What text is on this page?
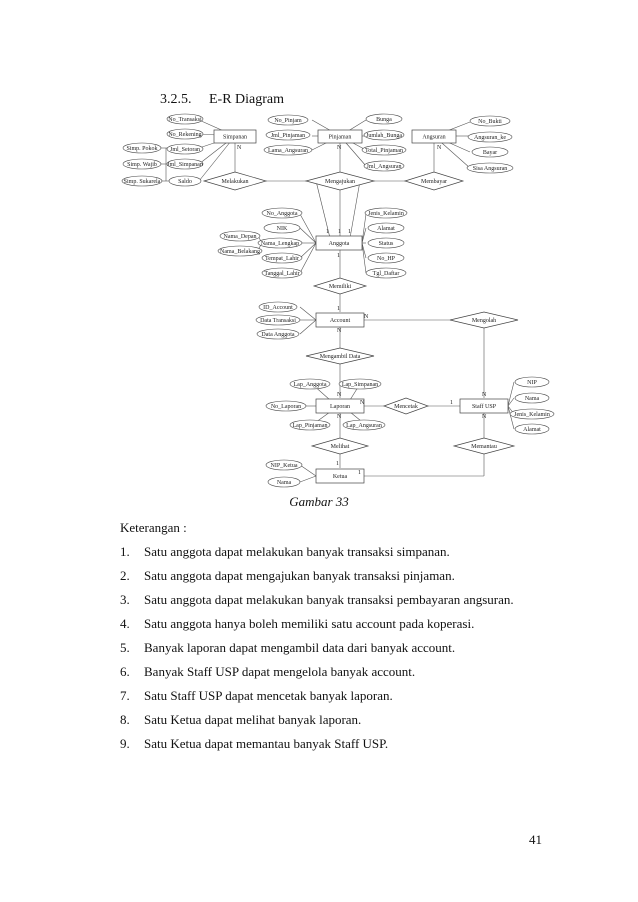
3.2.5. E-R Diagram
Simpanan	Pinjaman	Angsuran
Anggota
Account
Laporan	Staff USP
Ketua
Melakukan	Mengajukan	Membayar
Memiliki
Mengolah
Mengambil Data
Mencetak
Melihat	Memantau
No_Transaksi
No_Rekening
Jml_Setoran
Jml_Simpanan
Saldo
Simp. Pokok
Simp. Wajib
Simp. Sukarela
No_Pinjam
Jml_Pinjaman
Lama_Angsuran
Bunga
Jumlah_Bunga
Total_Pinjaman
Jml_Angsuran
No_Bukti
Angsuran_ke
Bayar
Sisa Angsuran
No_Anggota
NIK
Nama_Lengkap
Tempat_Lahir
Tanggal_Lahir
Jenis_Kelamin
Alamat
Status
No_HP
Tgl_Daftar
Nama_Depan
Nama_Belakang
ID_Account
Data Transaksi
Data Anggota
Lap_Anggota	Lap_Simpanan
No_Laporan
Lap_Pinjaman	Lap_Angsuran
NIP
Nama
Jenis_Kelamin
Alamat
NIP_Ketua
Nama
N	N	N
1 1 1
1
1
N
N
N
N
N
N
1
N
1
1
Gambar 33
Keterangan :
1. Satu anggota dapat melakukan banyak transaksi simpanan.
2. Satu anggota dapat mengajukan banyak transaksi pinjaman.
3. Satu anggota dapat melakukan banyak transaksi pembayaran angsuran.
4. Satu anggota hanya boleh memiliki satu account pada koperasi.
5. Banyak laporan dapat mengambil data dari banyak account.
6. Banyak Staff USP dapat mengelola banyak account.
7. Satu Staff USP dapat mencetak banyak laporan.
8. Satu Ketua dapat melihat banyak laporan.
9. Satu Ketua dapat memantau banyak Staff USP.
41
